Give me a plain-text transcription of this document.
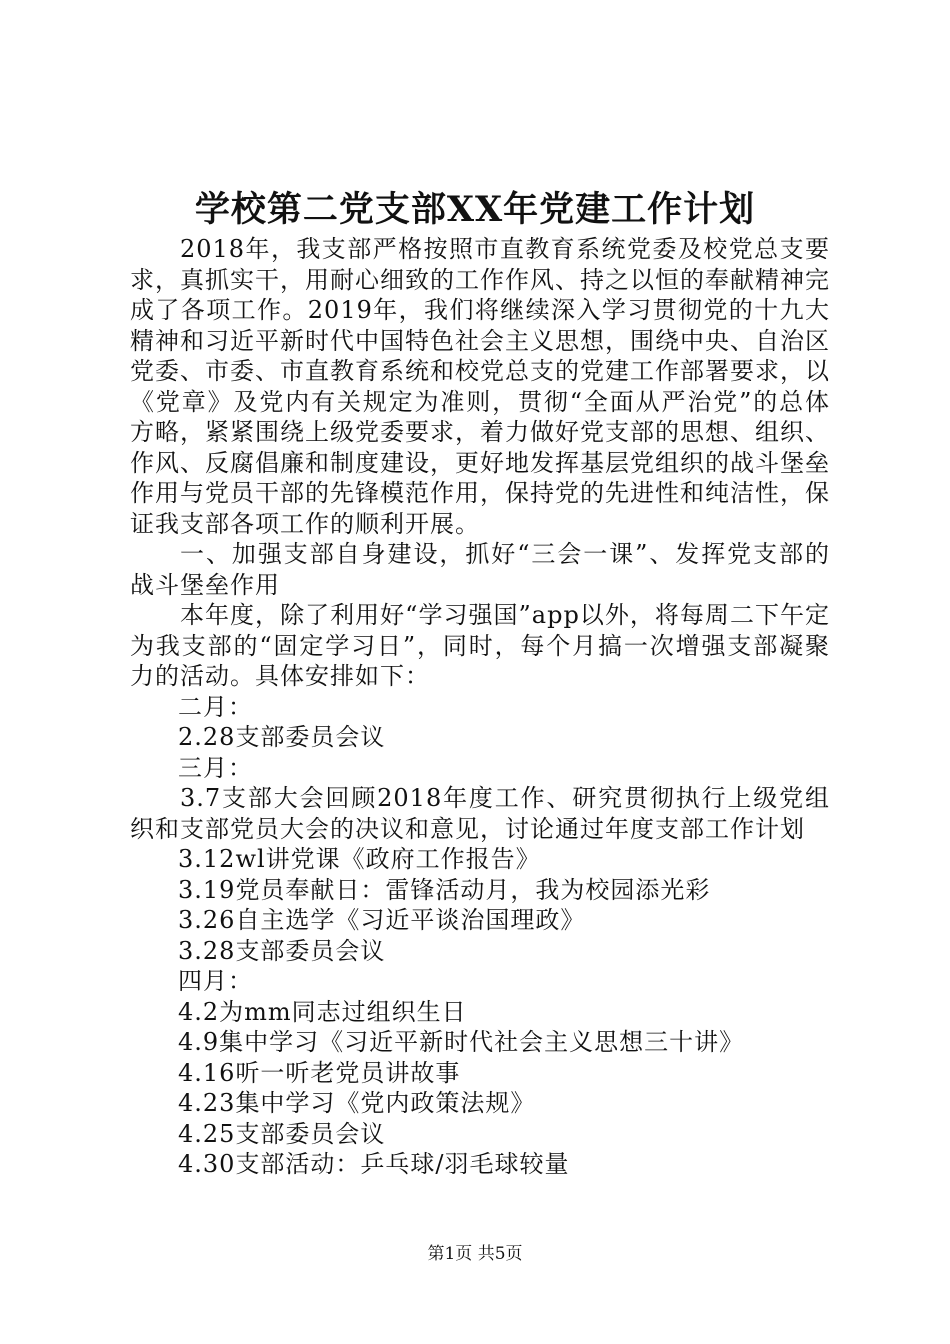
学校第二党支部XX年党建工作计划

2018年，我支部严格按照市直教育系统党委及校党总支要求，真抓实干，用耐心细致的工作作风、持之以恒的奉献精神完成了各项工作。2019年，我们将继续深入学习贯彻党的十九大精神和习近平新时代中国特色社会主义思想，围绕中央、自治区党委、市委、市直教育系统和校党总支的党建工作部署要求，以《党章》及党内有关规定为准则，贯彻“全面从严治党”的总体方略，紧紧围绕上级党委要求，着力做好党支部的思想、组织、作风、反腐倡廉和制度建设，更好地发挥基层党组织的战斗堡垒作用与党员干部的先锋模范作用，保持党的先进性和纯洁性，保证我支部各项工作的顺利开展。

一、加强支部自身建设，抓好“三会一课”、发挥党支部的战斗堡垒作用

本年度，除了利用好“学习强国”app以外，将每周二下午定为我支部的“固定学习日”，同时，每个月搞一次增强支部凝聚力的活动。具体安排如下：

二月：

2.28支部委员会议

三月：

3.7支部大会回顾2018年度工作、研究贯彻执行上级党组织和支部党员大会的决议和意见，讨论通过年度支部工作计划

3.12wl讲党课《政府工作报告》

3.19党员奉献日：雷锋活动月，我为校园添光彩

3.26自主选学《习近平谈治国理政》

3.28支部委员会议

四月：

4.2为mm同志过组织生日

4.9集中学习《习近平新时代社会主义思想三十讲》

4.16听一听老党员讲故事

4.23集中学习《党内政策法规》

4.25支部委员会议

4.30支部活动：乒乓球/羽毛球较量

第1页 共5页
